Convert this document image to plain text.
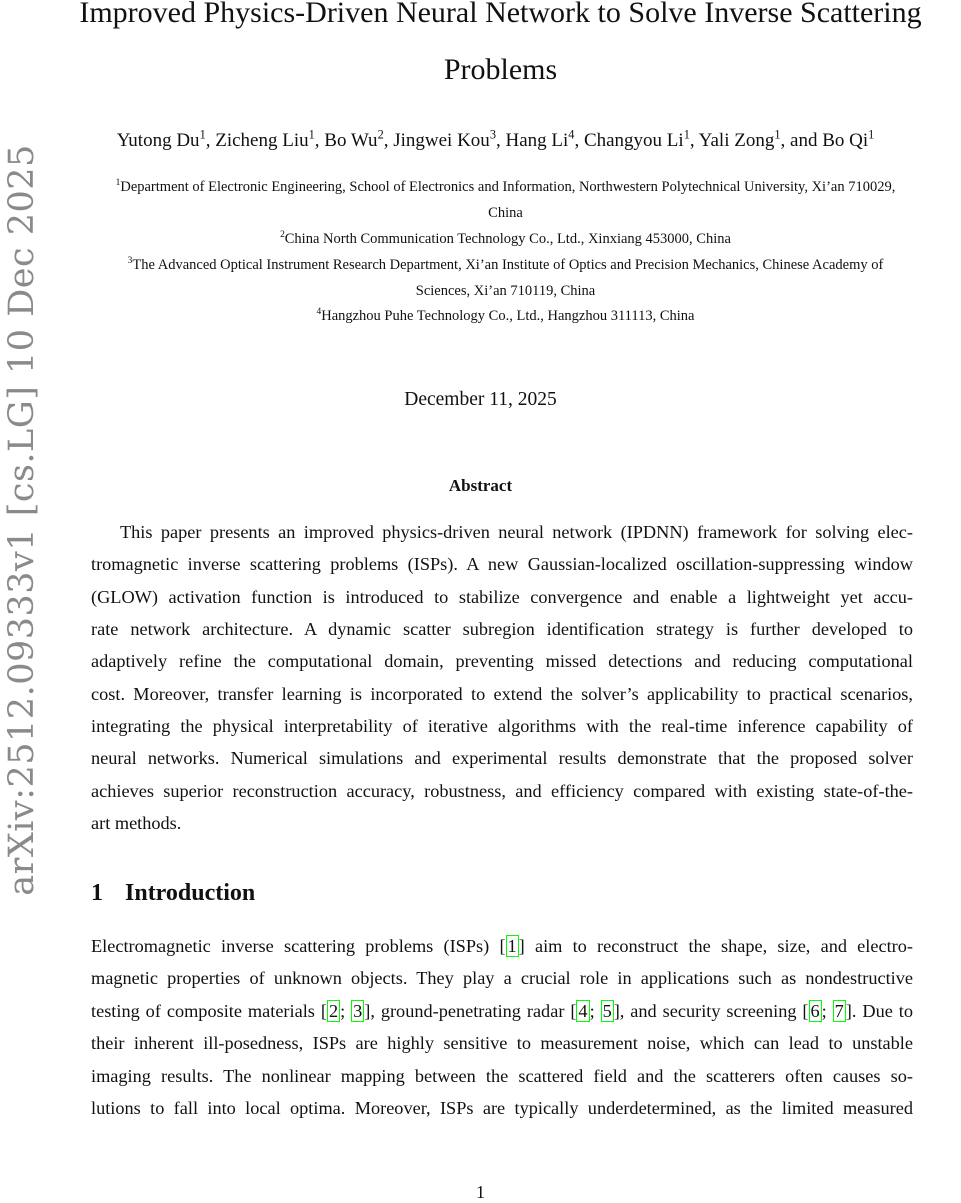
arXiv:2512.09333v1 [cs.LG] 10 Dec 2025
Improved Physics-Driven Neural Network to Solve Inverse Scattering
Problems
Yutong Du$^1$, Zicheng Liu$^1$, Bo Wu$^2$, Jingwei Kou$^3$, Hang Li$^4$, Changyou Li$^1$, Yali Zong$^1$, and Bo Qi$^1$
$^1$Department of Electronic Engineering, School of Electronics and Information, Northwestern Polytechnical University, Xi’an 710029,
China
$^2$China North Communication Technology Co., Ltd., Xinxiang 453000, China
$^3$The Advanced Optical Instrument Research Department, Xi’an Institute of Optics and Precision Mechanics, Chinese Academy of
Sciences, Xi’an 710119, China
$^4$Hangzhou Puhe Technology Co., Ltd., Hangzhou 311113, China
December 11, 2025
Abstract
This paper presents an improved physics-driven neural network (IPDNN) framework for solving elec-
tromagnetic inverse scattering problems (ISPs). A new Gaussian-localized oscillation-suppressing window
(GLOW) activation function is introduced to stabilize convergence and enable a lightweight yet accu-
rate network architecture. A dynamic scatter subregion identification strategy is further developed to
adaptively refine the computational domain, preventing missed detections and reducing computational
cost. Moreover, transfer learning is incorporated to extend the solver’s applicability to practical scenarios,
integrating the physical interpretability of iterative algorithms with the real-time inference capability of
neural networks. Numerical simulations and experimental results demonstrate that the proposed solver
achieves superior reconstruction accuracy, robustness, and efficiency compared with existing state-of-the-
art methods.
1 Introduction
Electromagnetic inverse scattering problems (ISPs) [ 1 ] aim to reconstruct the shape, size, and electro-
magnetic properties of unknown objects. They play a crucial role in applications such as nondestructive
testing of composite materials [ 2 ; 3 ], ground-penetrating radar [ 4 ; 5 ], and security screening [ 6 ; 7 ]. Due to
their inherent ill-posedness, ISPs are highly sensitive to measurement noise, which can lead to unstable
imaging results. The nonlinear mapping between the scattered field and the scatterers often causes so-
lutions to fall into local optima. Moreover, ISPs are typically underdetermined, as the limited measured
1
